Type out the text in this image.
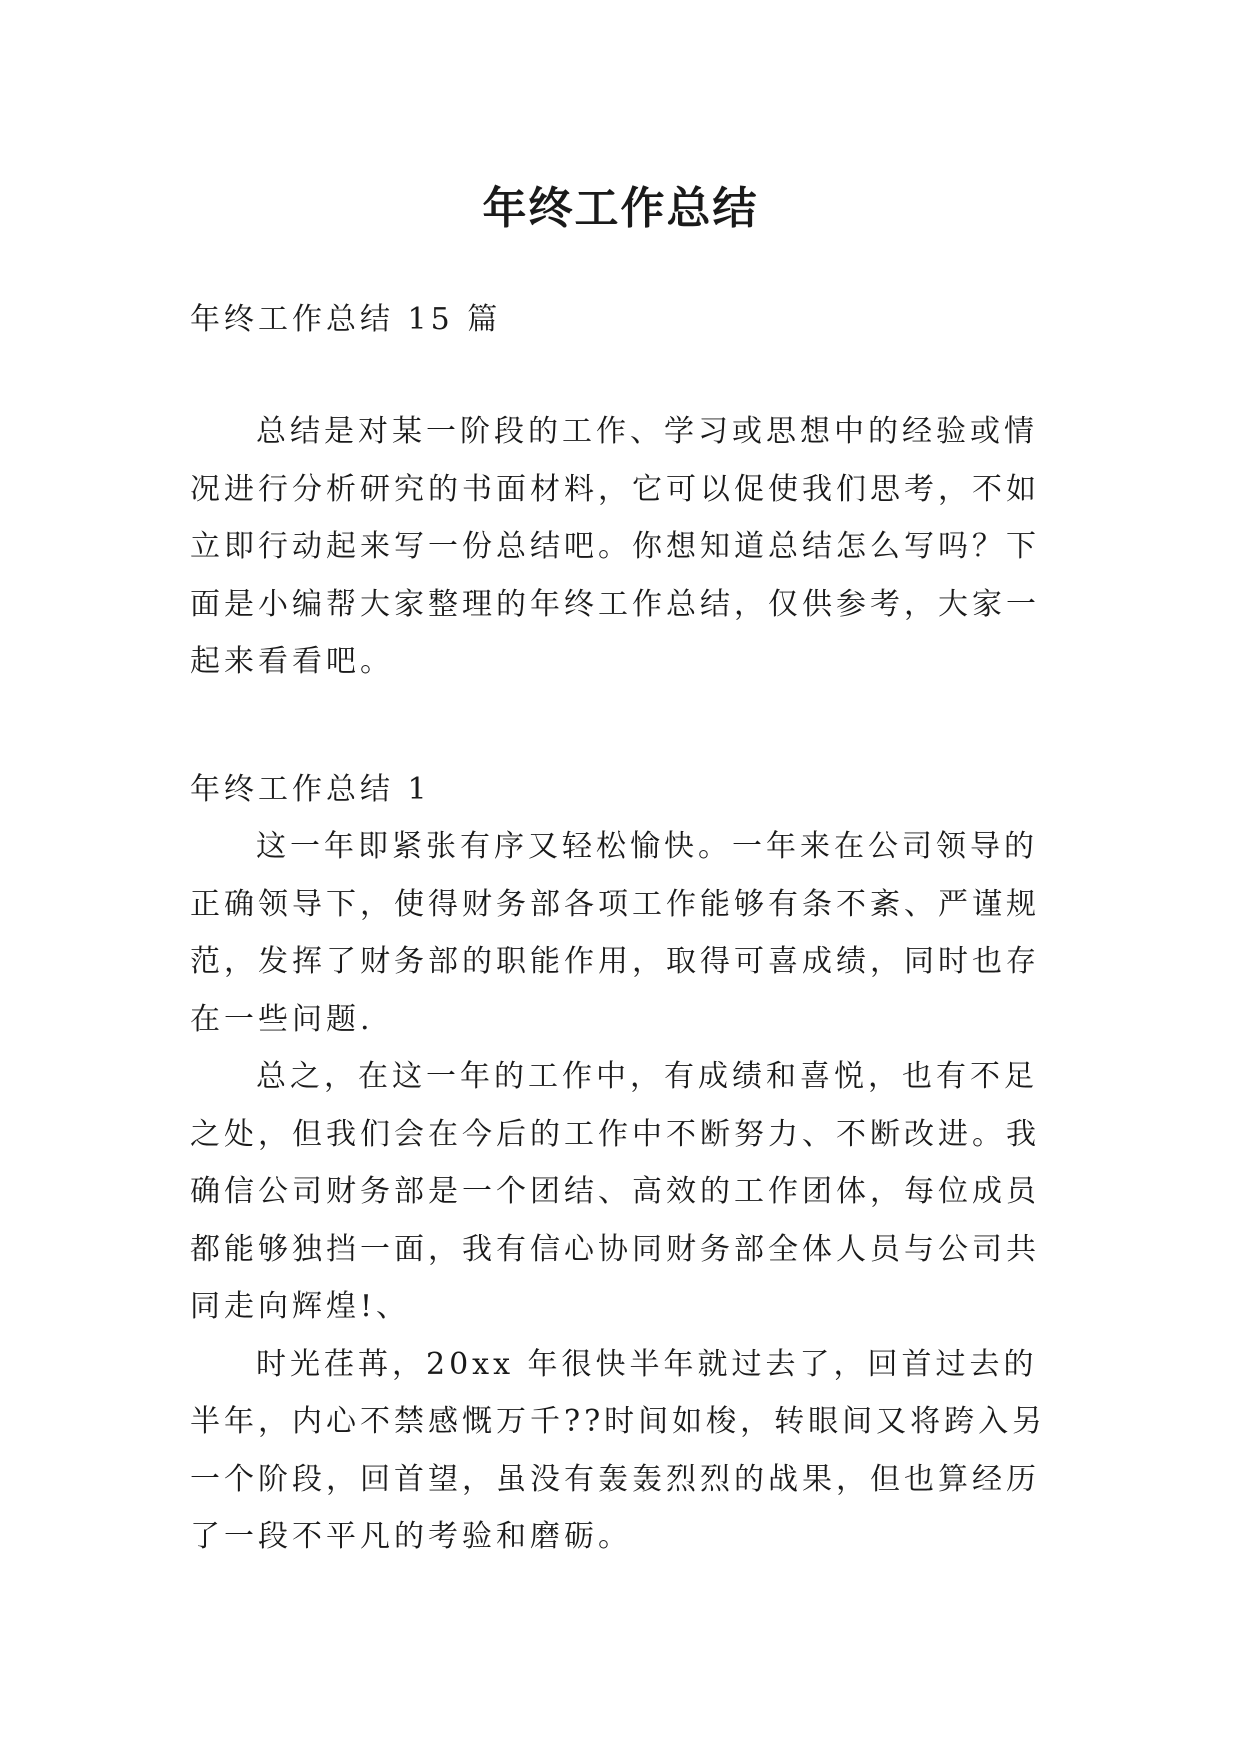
年终工作总结
年终工作总结 15 篇

总结是对某一阶段的工作、学习或思想中的经验或情况进行分析研究的书面材料，它可以促使我们思考，不如立即行动起来写一份总结吧。你想知道总结怎么写吗？下面是小编帮大家整理的年终工作总结，仅供参考，大家一起来看看吧。

年终工作总结 1

这一年即紧张有序又轻松愉快。一年来在公司领导的正确领导下，使得财务部各项工作能够有条不紊、严谨规范，发挥了财务部的职能作用，取得可喜成绩，同时也存在一些问题.

总之，在这一年的工作中，有成绩和喜悦，也有不足之处，但我们会在今后的工作中不断努力、不断改进。我确信公司财务部是一个团结、高效的工作团体，每位成员都能够独挡一面，我有信心协同财务部全体人员与公司共同走向辉煌!、

时光荏苒，20xx 年很快半年就过去了，回首过去的半年，内心不禁感慨万千??时间如梭，转眼间又将跨入另一个阶段，回首望，虽没有轰轰烈烈的战果，但也算经历了一段不平凡的考验和磨砺。
